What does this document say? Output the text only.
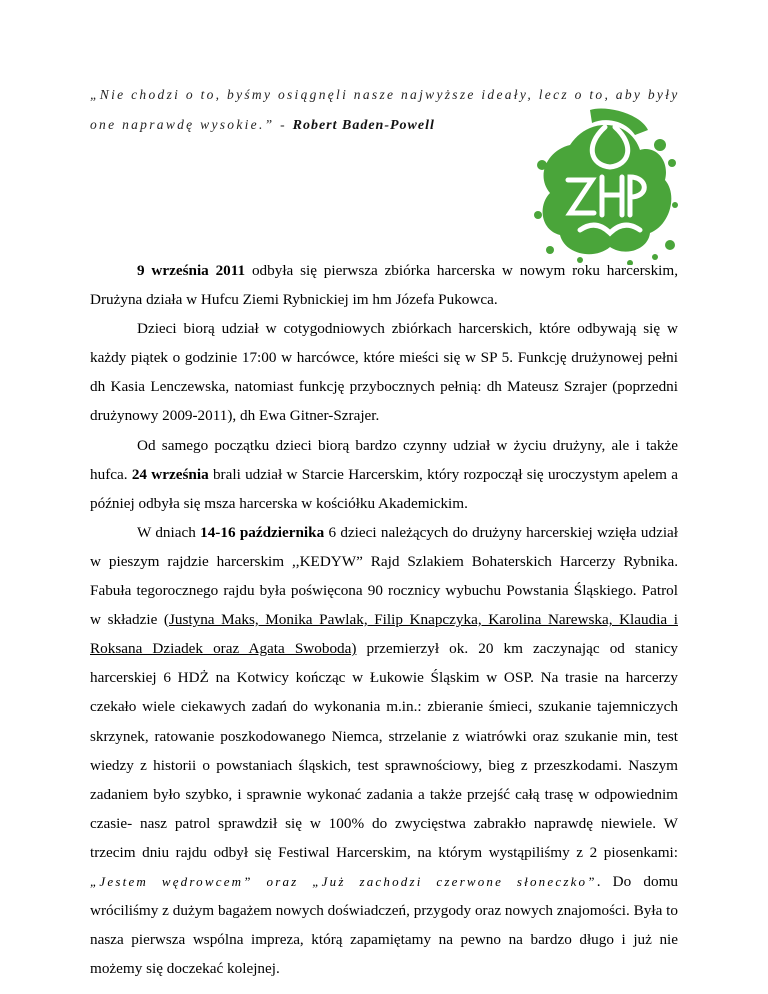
„Nie chodzi o to, byśmy osiągnęli nasze najwyższe ideały, lecz o to, aby były one naprawdę wysokie.” - Robert Baden-Powell

9 września 2011 odbyła się pierwsza zbiórka harcerska w nowym roku harcerskim, Drużyna działa w Hufcu Ziemi Rybnickiej im hm Józefa Pukowca.

Dzieci biorą udział w cotygodniowych zbiórkach harcerskich, które odbywają się w każdy piątek o godzinie 17:00 w harcówce, które mieści się w SP 5. Funkcję drużynowej pełni dh Kasia Lenczewska, natomiast funkcję przybocznych pełnią: dh Mateusz Szrajer (poprzedni drużynowy 2009-2011), dh Ewa Gitner-Szrajer.

Od samego początku dzieci biorą bardzo czynny udział w życiu drużyny, ale i także hufca. 24 września brali udział w Starcie Harcerskim, który rozpoczął się uroczystym apelem a później odbyła się msza harcerska w kościółku Akademickim.

W dniach 14-16 października 6 dzieci należących do drużyny harcerskiej wzięła udział w pieszym rajdzie harcerskim ,,KEDYW” Rajd Szlakiem Bohaterskich Harcerzy Rybnika. Fabuła tegorocznego rajdu była poświęcona 90 rocznicy wybuchu Powstania Śląskiego. Patrol w składzie (Justyna Maks, Monika Pawlak, Filip Knapczyka, Karolina Narewska, Klaudia i Roksana Dziadek oraz Agata Swoboda) przemierzył ok. 20 km zaczynając od stanicy harcerskiej 6 HDŻ na Kotwicy kończąc w Łukowie Śląskim w OSP. Na trasie na harcerzy czekało wiele ciekawych zadań do wykonania m.in.: zbieranie śmieci, szukanie tajemniczych skrzynek, ratowanie poszkodowanego Niemca, strzelanie z wiatrówki oraz szukanie min, test wiedzy z historii o powstaniach śląskich, test sprawnościowy, bieg z przeszkodami. Naszym zadaniem było szybko, i sprawnie wykonać zadania a także przejść całą trasę w odpowiednim czasie- nasz patrol sprawdził się w 100% do zwycięstwa zabrakło naprawdę niewiele. W trzecim dniu rajdu odbył się Festiwal Harcerskim, na którym wystąpiliśmy z 2 piosenkami: „Jestem wędrowcem” oraz „Już zachodzi czerwone słoneczko”. Do domu wróciliśmy z dużym bagażem nowych doświadczeń, przygody oraz nowych znajomości. Była to nasza pierwsza wspólna impreza, którą zapamiętamy na pewno na bardzo długo i już nie możemy się doczekać kolejnej.
